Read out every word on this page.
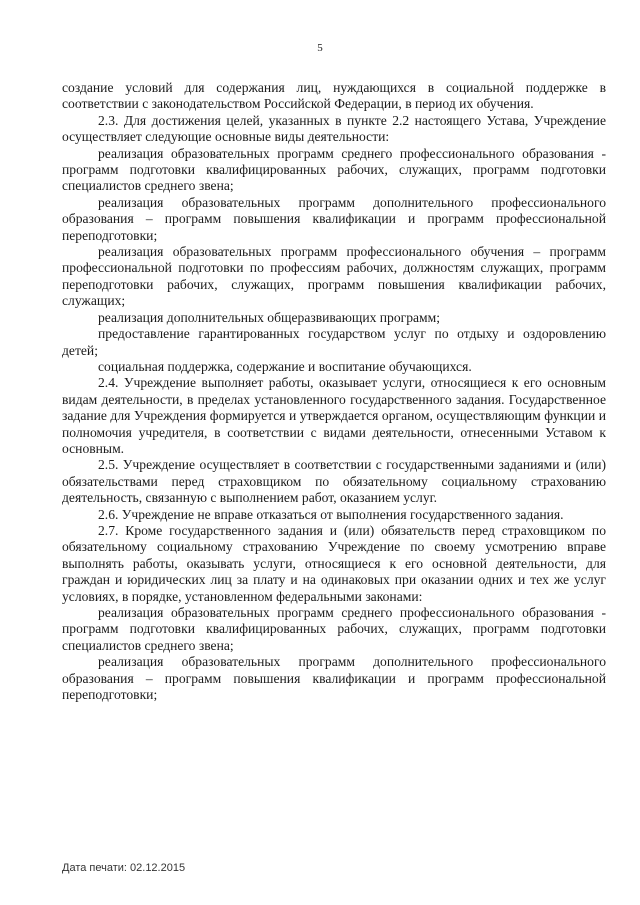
5

создание условий для содержания лиц, нуждающихся в социальной поддержке в соответствии с законодательством Российской Федерации, в период их обучения.

2.3. Для достижения целей, указанных в пункте 2.2 настоящего Устава, Учреждение осуществляет следующие основные виды деятельности:

реализация образовательных программ среднего профессионального образования - программ подготовки квалифицированных рабочих, служащих, программ подготовки специалистов среднего звена;

реализация образовательных программ дополнительного профессионального образования – программ повышения квалификации и программ профессиональной переподготовки;

реализация образовательных программ профессионального обучения – программ профессиональной подготовки по профессиям рабочих, должностям служащих, программ переподготовки рабочих, служащих, программ повышения квалификации рабочих, служащих;

реализация дополнительных общеразвивающих программ;

предоставление гарантированных государством услуг по отдыху и оздоровлению детей;

социальная поддержка, содержание и воспитание обучающихся.

2.4. Учреждение выполняет работы, оказывает услуги, относящиеся к его основным видам деятельности, в пределах установленного государственного задания. Государственное задание для Учреждения формируется и утверждается органом, осуществляющим функции и полномочия учредителя, в соответствии с видами деятельности, отнесенными Уставом к основным.

2.5. Учреждение осуществляет в соответствии с государственными заданиями и (или) обязательствами перед страховщиком по обязательному социальному страхованию деятельность, связанную с выполнением работ, оказанием услуг.

2.6. Учреждение не вправе отказаться от выполнения государственного задания.

2.7. Кроме государственного задания и (или) обязательств перед страховщиком по обязательному социальному страхованию Учреждение по своему усмотрению вправе выполнять работы, оказывать услуги, относящиеся к его основной деятельности, для граждан и юридических лиц за плату и на одинаковых при оказании одних и тех же услуг условиях, в порядке, установленном федеральными законами:

реализация образовательных программ среднего профессионального образования - программ подготовки квалифицированных рабочих, служащих, программ подготовки специалистов среднего звена;

реализация образовательных программ дополнительного профессионального образования – программ повышения квалификации и программ профессиональной переподготовки;

Дата печати: 02.12.2015
